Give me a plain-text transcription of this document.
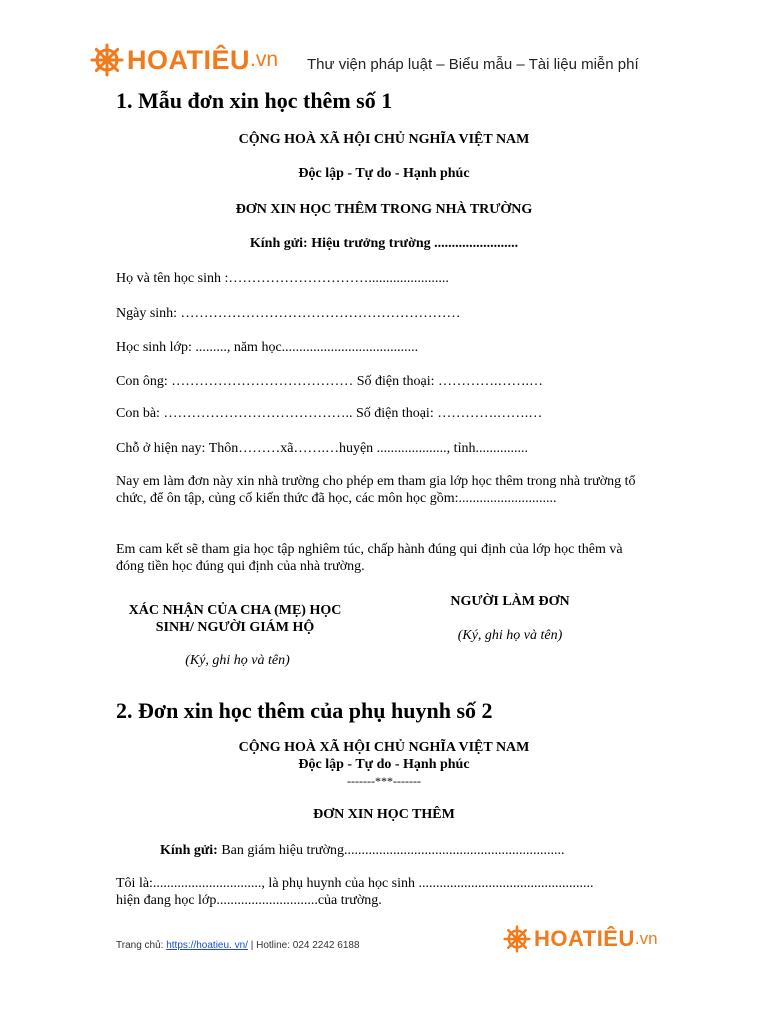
HOATIÊU .vn Thư viện pháp luật – Biểu mẫu – Tài liệu miễn phí
1. Mẫu đơn xin học thêm số 1
CỘNG HOÀ XÃ HỘI CHỦ NGHĨA VIỆT NAM
Độc lập - Tự do - Hạnh phúc
ĐƠN XIN HỌC THÊM TRONG NHÀ TRƯỜNG
Kính gửi: Hiệu trưởng trường ........................
Họ và tên học sinh :………………………….......................
Ngày sinh: ……………………………………………………
Học sinh lớp: ........., năm học.......................................
Con ông: ………………………………… Số điện thoại: ………….…….…
Con bà: ………………………………….. Số điện thoại: ………….…….…
Chỗ ở hiện nay: Thôn………xã…….…huyện ...................., tỉnh...............
Nay em làm đơn này xin nhà trường cho phép em tham gia lớp học thêm trong nhà trường tổ chức, để ôn tập, củng cố kiến thức đã học, các môn học gồm:............................
Em cam kết sẽ tham gia học tập nghiêm túc, chấp hành đúng qui định của lớp học thêm và đóng tiền học đúng qui định của nhà trường.
XÁC NHẬN CỦA CHA (MẸ) HỌC SINH/ NGƯỜI GIÁM HỘ
(Ký, ghi họ và tên)
NGƯỜI LÀM ĐƠN
(Ký, ghi họ và tên)
2. Đơn xin học thêm của phụ huynh số 2
CỘNG HOÀ XÃ HỘI CHỦ NGHĨA VIỆT NAM
Độc lập - Tự do - Hạnh phúc
-------***-------
ĐƠN XIN HỌC THÊM
Kính gửi: Ban giám hiệu trường...............................................................
Tôi là:..............................., là phụ huynh của học sinh ..................................................
hiện đang học lớp.............................của trường.
Trang chủ: https://hoatieu. vn/ | Hotline: 024 2242 6188	HOATIÊU .vn
